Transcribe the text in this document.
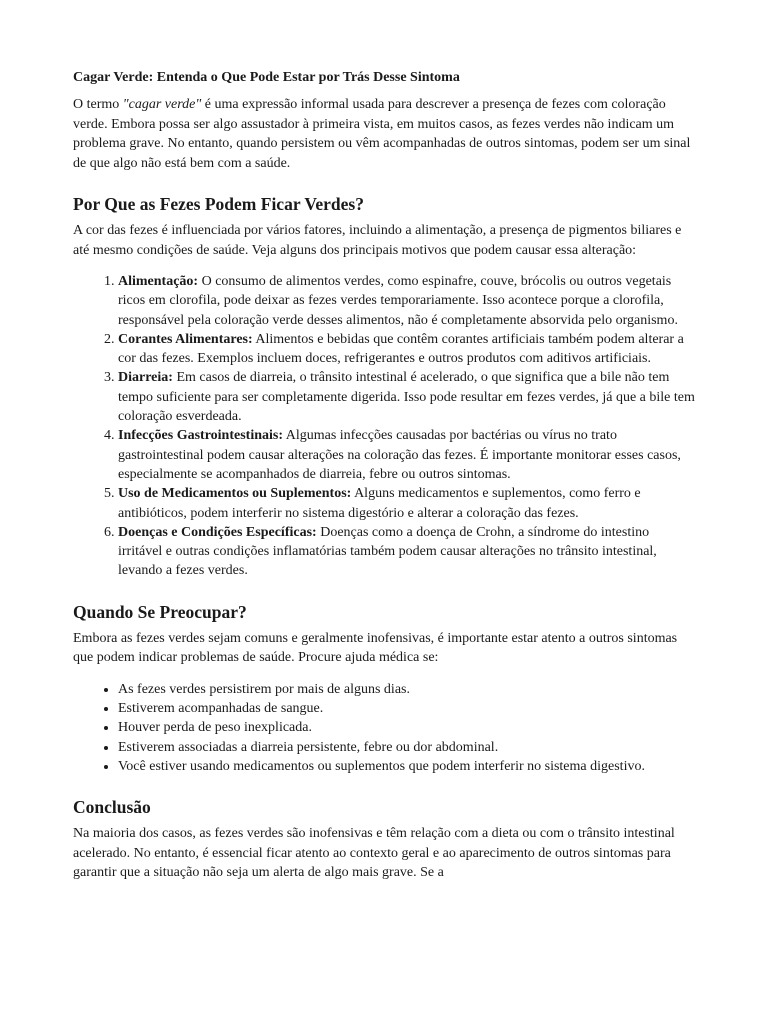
Cagar Verde: Entenda o Que Pode Estar por Trás Desse Sintoma

O termo "cagar verde" é uma expressão informal usada para descrever a presença de fezes com coloração verde. Embora possa ser algo assustador à primeira vista, em muitos casos, as fezes verdes não indicam um problema grave. No entanto, quando persistem ou vêm acompanhadas de outros sintomas, podem ser um sinal de que algo não está bem com a saúde.

Por Que as Fezes Podem Ficar Verdes?

A cor das fezes é influenciada por vários fatores, incluindo a alimentação, a presença de pigmentos biliares e até mesmo condições de saúde. Veja alguns dos principais motivos que podem causar essa alteração:

1. Alimentação: O consumo de alimentos verdes, como espinafre, couve, brócolis ou outros vegetais ricos em clorofila, pode deixar as fezes verdes temporariamente. Isso acontece porque a clorofila, responsável pela coloração verde desses alimentos, não é completamente absorvida pelo organismo.
2. Corantes Alimentares: Alimentos e bebidas que contêm corantes artificiais também podem alterar a cor das fezes. Exemplos incluem doces, refrigerantes e outros produtos com aditivos artificiais.
3. Diarreia: Em casos de diarreia, o trânsito intestinal é acelerado, o que significa que a bile não tem tempo suficiente para ser completamente digerida. Isso pode resultar em fezes verdes, já que a bile tem coloração esverdeada.
4. Infecções Gastrointestinais: Algumas infecções causadas por bactérias ou vírus no trato gastrointestinal podem causar alterações na coloração das fezes. É importante monitorar esses casos, especialmente se acompanhados de diarreia, febre ou outros sintomas.
5. Uso de Medicamentos ou Suplementos: Alguns medicamentos e suplementos, como ferro e antibióticos, podem interferir no sistema digestório e alterar a coloração das fezes.
6. Doenças e Condições Específicas: Doenças como a doença de Crohn, a síndrome do intestino irritável e outras condições inflamatórias também podem causar alterações no trânsito intestinal, levando a fezes verdes.
Quando Se Preocupar?

Embora as fezes verdes sejam comuns e geralmente inofensivas, é importante estar atento a outros sintomas que podem indicar problemas de saúde. Procure ajuda médica se:

• As fezes verdes persistirem por mais de alguns dias.
• Estiverem acompanhadas de sangue.
• Houver perda de peso inexplicada.
• Estiverem associadas a diarreia persistente, febre ou dor abdominal.
• Você estiver usando medicamentos ou suplementos que podem interferir no sistema digestivo.
Conclusão

Na maioria dos casos, as fezes verdes são inofensivas e têm relação com a dieta ou com o trânsito intestinal acelerado. No entanto, é essencial ficar atento ao contexto geral e ao aparecimento de outros sintomas para garantir que a situação não seja um alerta de algo mais grave. Se a
